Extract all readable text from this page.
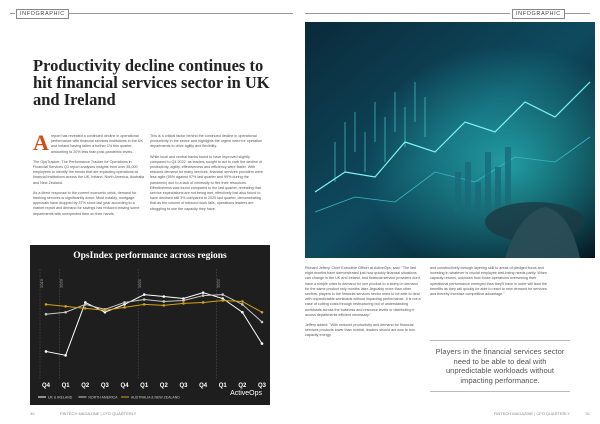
INFOGRAPHIC
Productivity decline continues to hit financial services sector in UK and Ireland

Areport has revealed a continued decline in operational performance with financial services institutions in the UK and Ireland having fallen a further 1% this quarter, amounting to 20% less than post-pandemic levels.

The OpsTracker: The Performance Tracker for Operations in Financial Services Q3 report analyses insights from over 35,000 employees to identify the trends that are impacting operations at financial institutions across the UK, Ireland, North America, Australia and New Zealand.

As a direct response to the current economic crisis, demand for banking services is significantly down. Most notably, mortgage approvals have dropped by 37% since last year according to a market report and demand for savings has reduced leaving some departments with unexpected time on their hands.

This is a critical factor behind the continued decline in operational productivity in the sector and highlights the urgent need for operation departments to drive agility and flexibility.

While local and central banks found to have improved slightly compared to Q4 2022, as leaders sought to act to curb the decline of productivity, agility, effectiveness and efficiency were faster. With reduced demand for many services, financial services providers were less agile (55% against 97% last quarter and 99% during the pandemic) due to a lack of necessity to flex their resources. Effectiveness was found compared to the last quarter, revealing that service expectations are not being met, effectively lost also found to have declined still 3% compared to 2020 last quarter, demonstrating that as the volume of inbound work falls, operations leaders are struggling to use the capacity they have.

OpsIndex performance across regions
2019	2020	2021	2022
Q4 Q1 Q2 Q3 Q4 Q1 Q2 Q3 Q4 Q1 Q2 Q3
UK & IRELAND	NORTH AMERICA	AUSTRALIA & NEW ZEALAND
ActiveOps
30	FINTECH MAGAZINE | CFO QUARTERLY
INFOGRAPHIC

Richard Jeffery, Chief Executive Officer at ActiveOps, said: "The last eight months have demonstrated just how quickly financial situations can change in the UK and Ireland, and financial service providers don't have a simple crisis to demand for one product to a slump in demand for the same product only months later. Arguably more than other sectors, players in the financial services sector need to be able to deal with unpredictable workloads without impacting performance. It is not a case of cutting costs through restructuring but of understanding workloads across the business and resource levels or distributing it across departments efficient necessary."

Jeffery added: "With reduced productivity and demand for financial services products lower than normal, leaders should act now to turn capacity energy

and constructively through layering skill to areas of pledged focus and investing in whatever is crucial employee well-being needs partly. When capacity returns, unknown how those operations overseeing their operational performance emerged than they'll have in order will lead the benefits as they will quickly be able to react to new demand for services and thereby increase competitive advantage."

FINTECH MAGAZINE | CFO QUARTERLY	31
Players in the financial services sector need to be able to deal with unpredictable workloads without impacting performance.
